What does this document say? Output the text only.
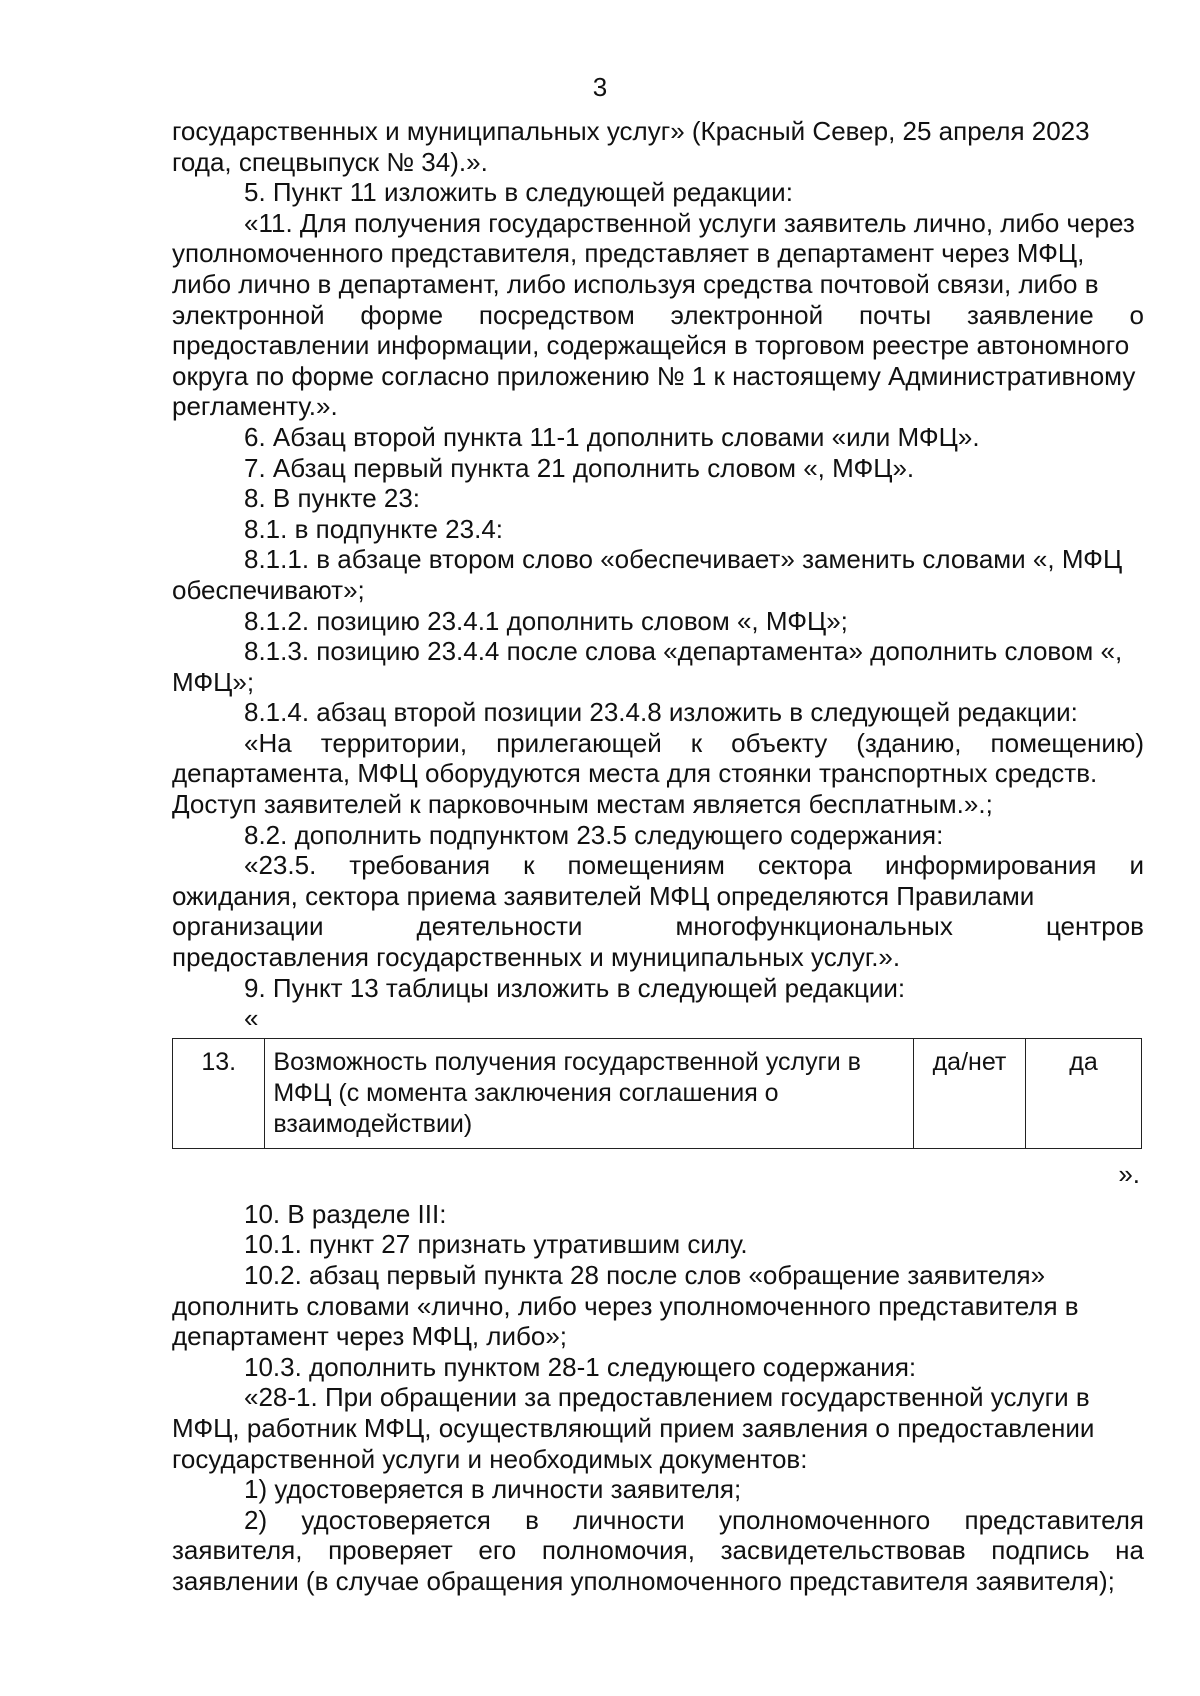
3
государственных и муниципальных услуг» (Красный Север, 25 апреля 2023
года, спецвыпуск № 34).».
5. Пункт 11 изложить в следующей редакции:
«11. Для получения государственной услуги заявитель лично, либо через
уполномоченного представителя, представляет в департамент через МФЦ,
либо лично в департамент, либо используя средства почтовой связи, либо в
электронной форме посредством электронной почты заявление о
предоставлении информации, содержащейся в торговом реестре автономного
округа по форме согласно приложению № 1 к настоящему Административному
регламенту.».
6. Абзац второй пункта 11-1 дополнить словами «или МФЦ».
7. Абзац первый пункта 21 дополнить словом «, МФЦ».
8. В пункте 23:
8.1. в подпункте 23.4:
8.1.1. в абзаце втором слово «обеспечивает» заменить словами «, МФЦ
обеспечивают»;
8.1.2. позицию 23.4.1 дополнить словом «, МФЦ»;
8.1.3. позицию 23.4.4 после слова «департамента» дополнить словом «,
МФЦ»;
8.1.4. абзац второй позиции 23.4.8 изложить в следующей редакции:
«На территории, прилегающей к объекту (зданию, помещению)
департамента, МФЦ оборудуются места для стоянки транспортных средств.
Доступ заявителей к парковочным местам является бесплатным.».;
8.2. дополнить подпунктом 23.5 следующего содержания:
«23.5. требования к помещениям сектора информирования и
ожидания, сектора приема заявителей МФЦ определяются Правилами
организации деятельности многофункциональных центров
предоставления государственных и муниципальных услуг.».
9. Пункт 13 таблицы изложить в следующей редакции:
«
13.	Возможность получения государственной услуги в МФЦ (с момента заключения соглашения о взаимодействии)	да/нет	да
».
10. В разделе III:
10.1. пункт 27 признать утратившим силу.
10.2. абзац первый пункта 28 после слов «обращение заявителя»
дополнить словами «лично, либо через уполномоченного представителя в
департамент через МФЦ, либо»;
10.3. дополнить пунктом 28-1 следующего содержания:
«28-1. При обращении за предоставлением государственной услуги в
МФЦ, работник МФЦ, осуществляющий прием заявления о предоставлении
государственной услуги и необходимых документов:
1) удостоверяется в личности заявителя;
2) удостоверяется в личности уполномоченного представителя
заявителя, проверяет его полномочия, засвидетельствовав подпись на
заявлении (в случае обращения уполномоченного представителя заявителя);
